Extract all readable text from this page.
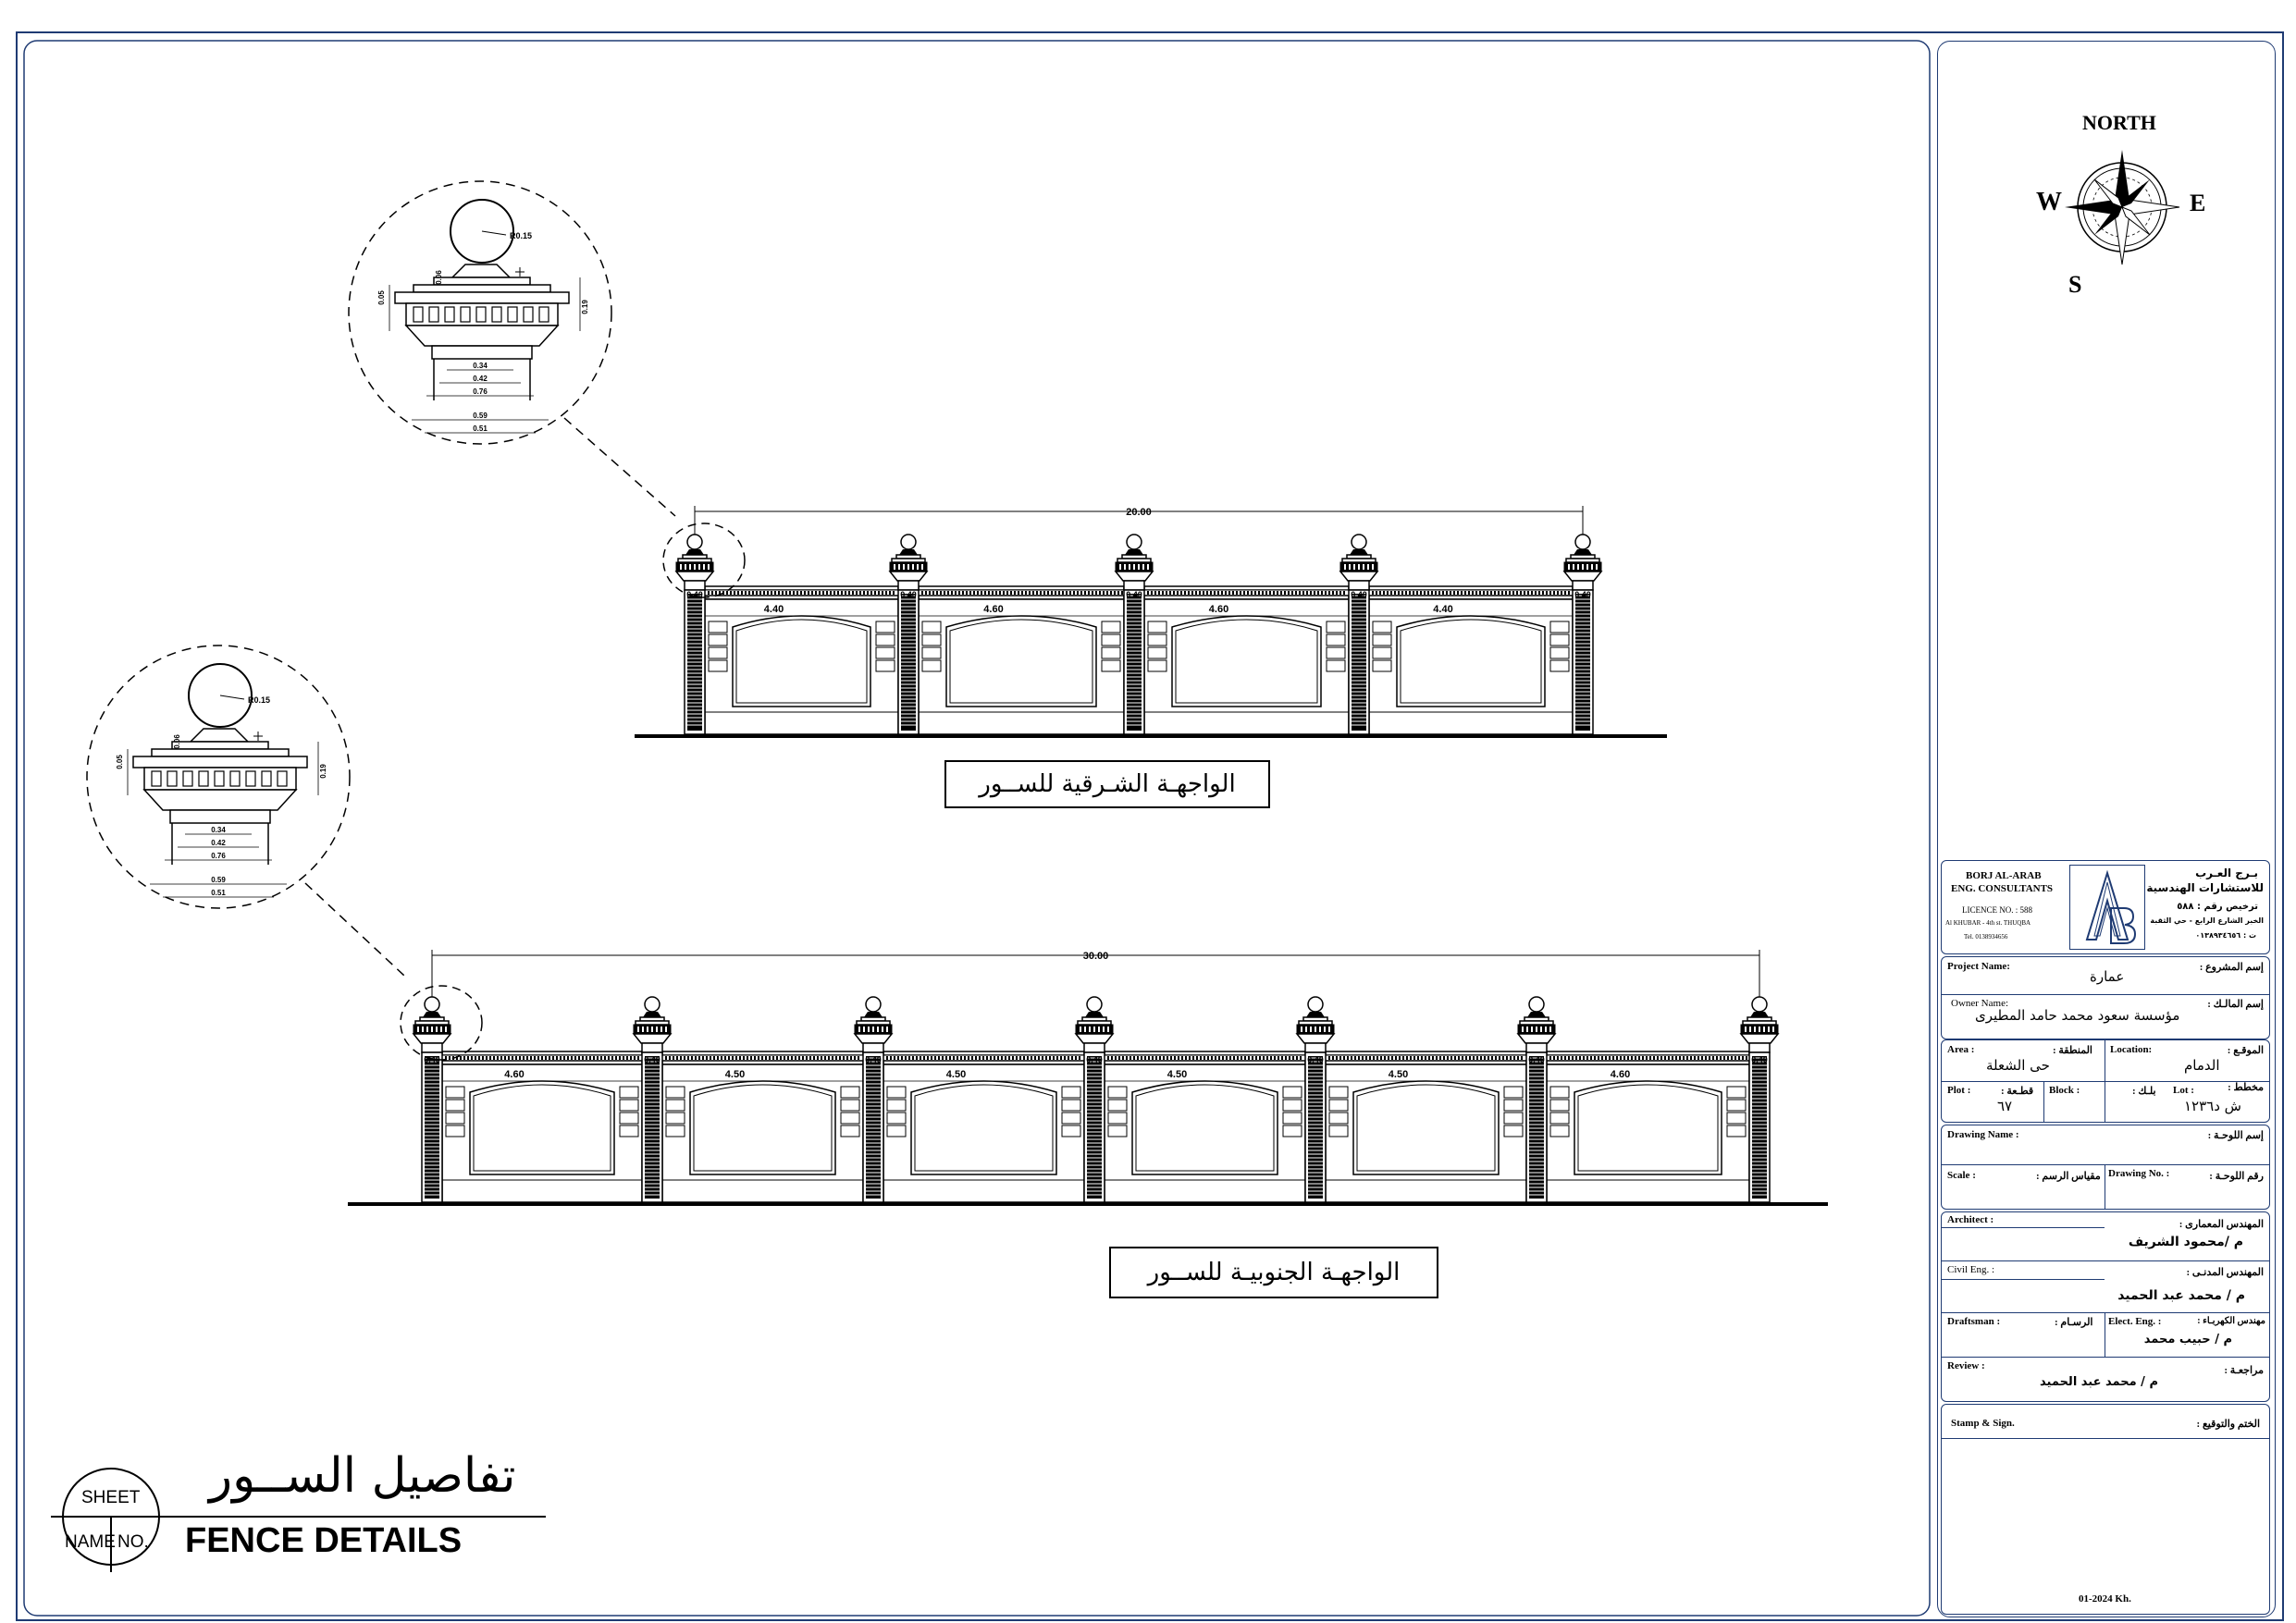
20.00
4.40	4.60	4.60	4.40
0.40	0.40	0.40	0.40	0.40
30.00
4.60	4.50	4.50	4.50	4.50	4.60
0.40	0.40	0.40	0.40	0.40	0.40	0.40
R0.15
0.34
0.42
0.76
0.59
0.51
0.19
0.05
0.06
R0.15
0.34
0.42
0.76
0.59
0.51
0.19
0.05
0.06
NORTH
S
E
W
الواجهـة الشـرقية للســور
الواجهـة الجنوبيـة للســور
SHEET
NAME NO.
تفاصيل الســور
FENCE DETAILS
BORJ AL-ARAB
ENG. CONSULTANTS
LICENCE NO. : 588
Al KHUBAR - 4th st. THUQBA
Tel. 0138934656
بـرج العـرب
للاستشارات الهندسية
ترخيص رقم : ٥٨٨
الخبر الشارع الرابع - حي الثقبة
ت : ٠١٣٨٩٣٤٦٥٦
Project Name:	إسم المشروع :
عمارة
Owner Name:	إسم المالـك :
مؤسسة سعود محمد حامد المطيرى
Area :	المنطقة :
حى الشعلة
Location:	الموقـع :
الدمام
Plot :	قطـعة :
٦٧
Block :	بلـك : Lot :	مخطط :
ش د١٢٣٦
Drawing Name :	إسم اللوحـة :
Scale :	مقياس الرسم : Drawing No. :	رقم اللوحـة :
Architect :	المهندس المعمارى :
م /محمود الشريف
Civil Eng. :	المهندس المدنـى :
م / محمد عبد الحميد
Draftsman :	الرسـام : Elect. Eng. :	مهندس الكهربـاء :
م / حبيب محمد
Review :	مراجعـة :
م / محمد عبد الحميد
Stamp & Sign.	الختم والتوقيع :
01-2024 Kh.
